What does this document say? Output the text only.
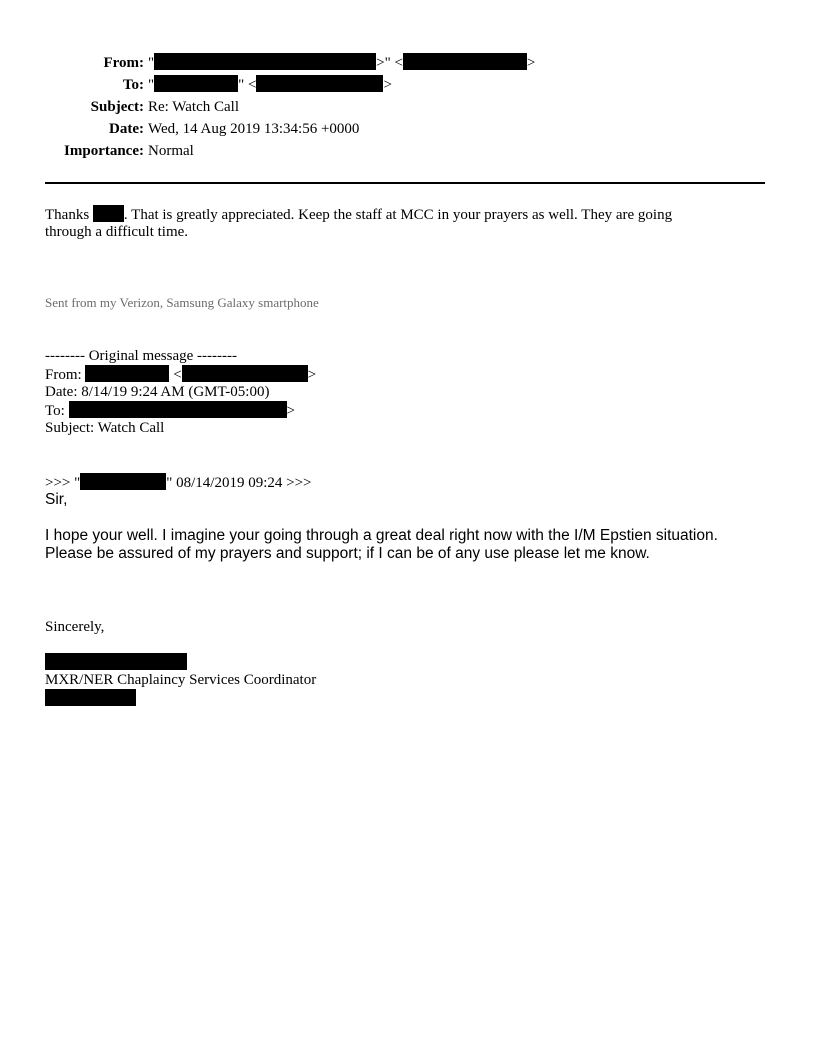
From: "	>" <	>
To: "	" <	>
Subject: Re: Watch Call
Date: Wed, 14 Aug 2019 13:34:56 +0000
Importance: Normal
Thanks . That is greatly appreciated. Keep the staff at MCC in your prayers as well. They are going
through a difficult time.
Sent from my Verizon, Samsung Galaxy smartphone
-------- Original message --------
From:	<	>
Date: 8/14/19 9:24 AM (GMT-05:00)
To:	>
Subject: Watch Call
>>> "	" 08/14/2019 09:24 >>>
Sir,
I hope your well. I imagine your going through a great deal right now with the I/M Epstien situation.
Please be assured of my prayers and support; if I can be of any use please let me know.
Sincerely,
MXR/NER Chaplaincy Services Coordinator
